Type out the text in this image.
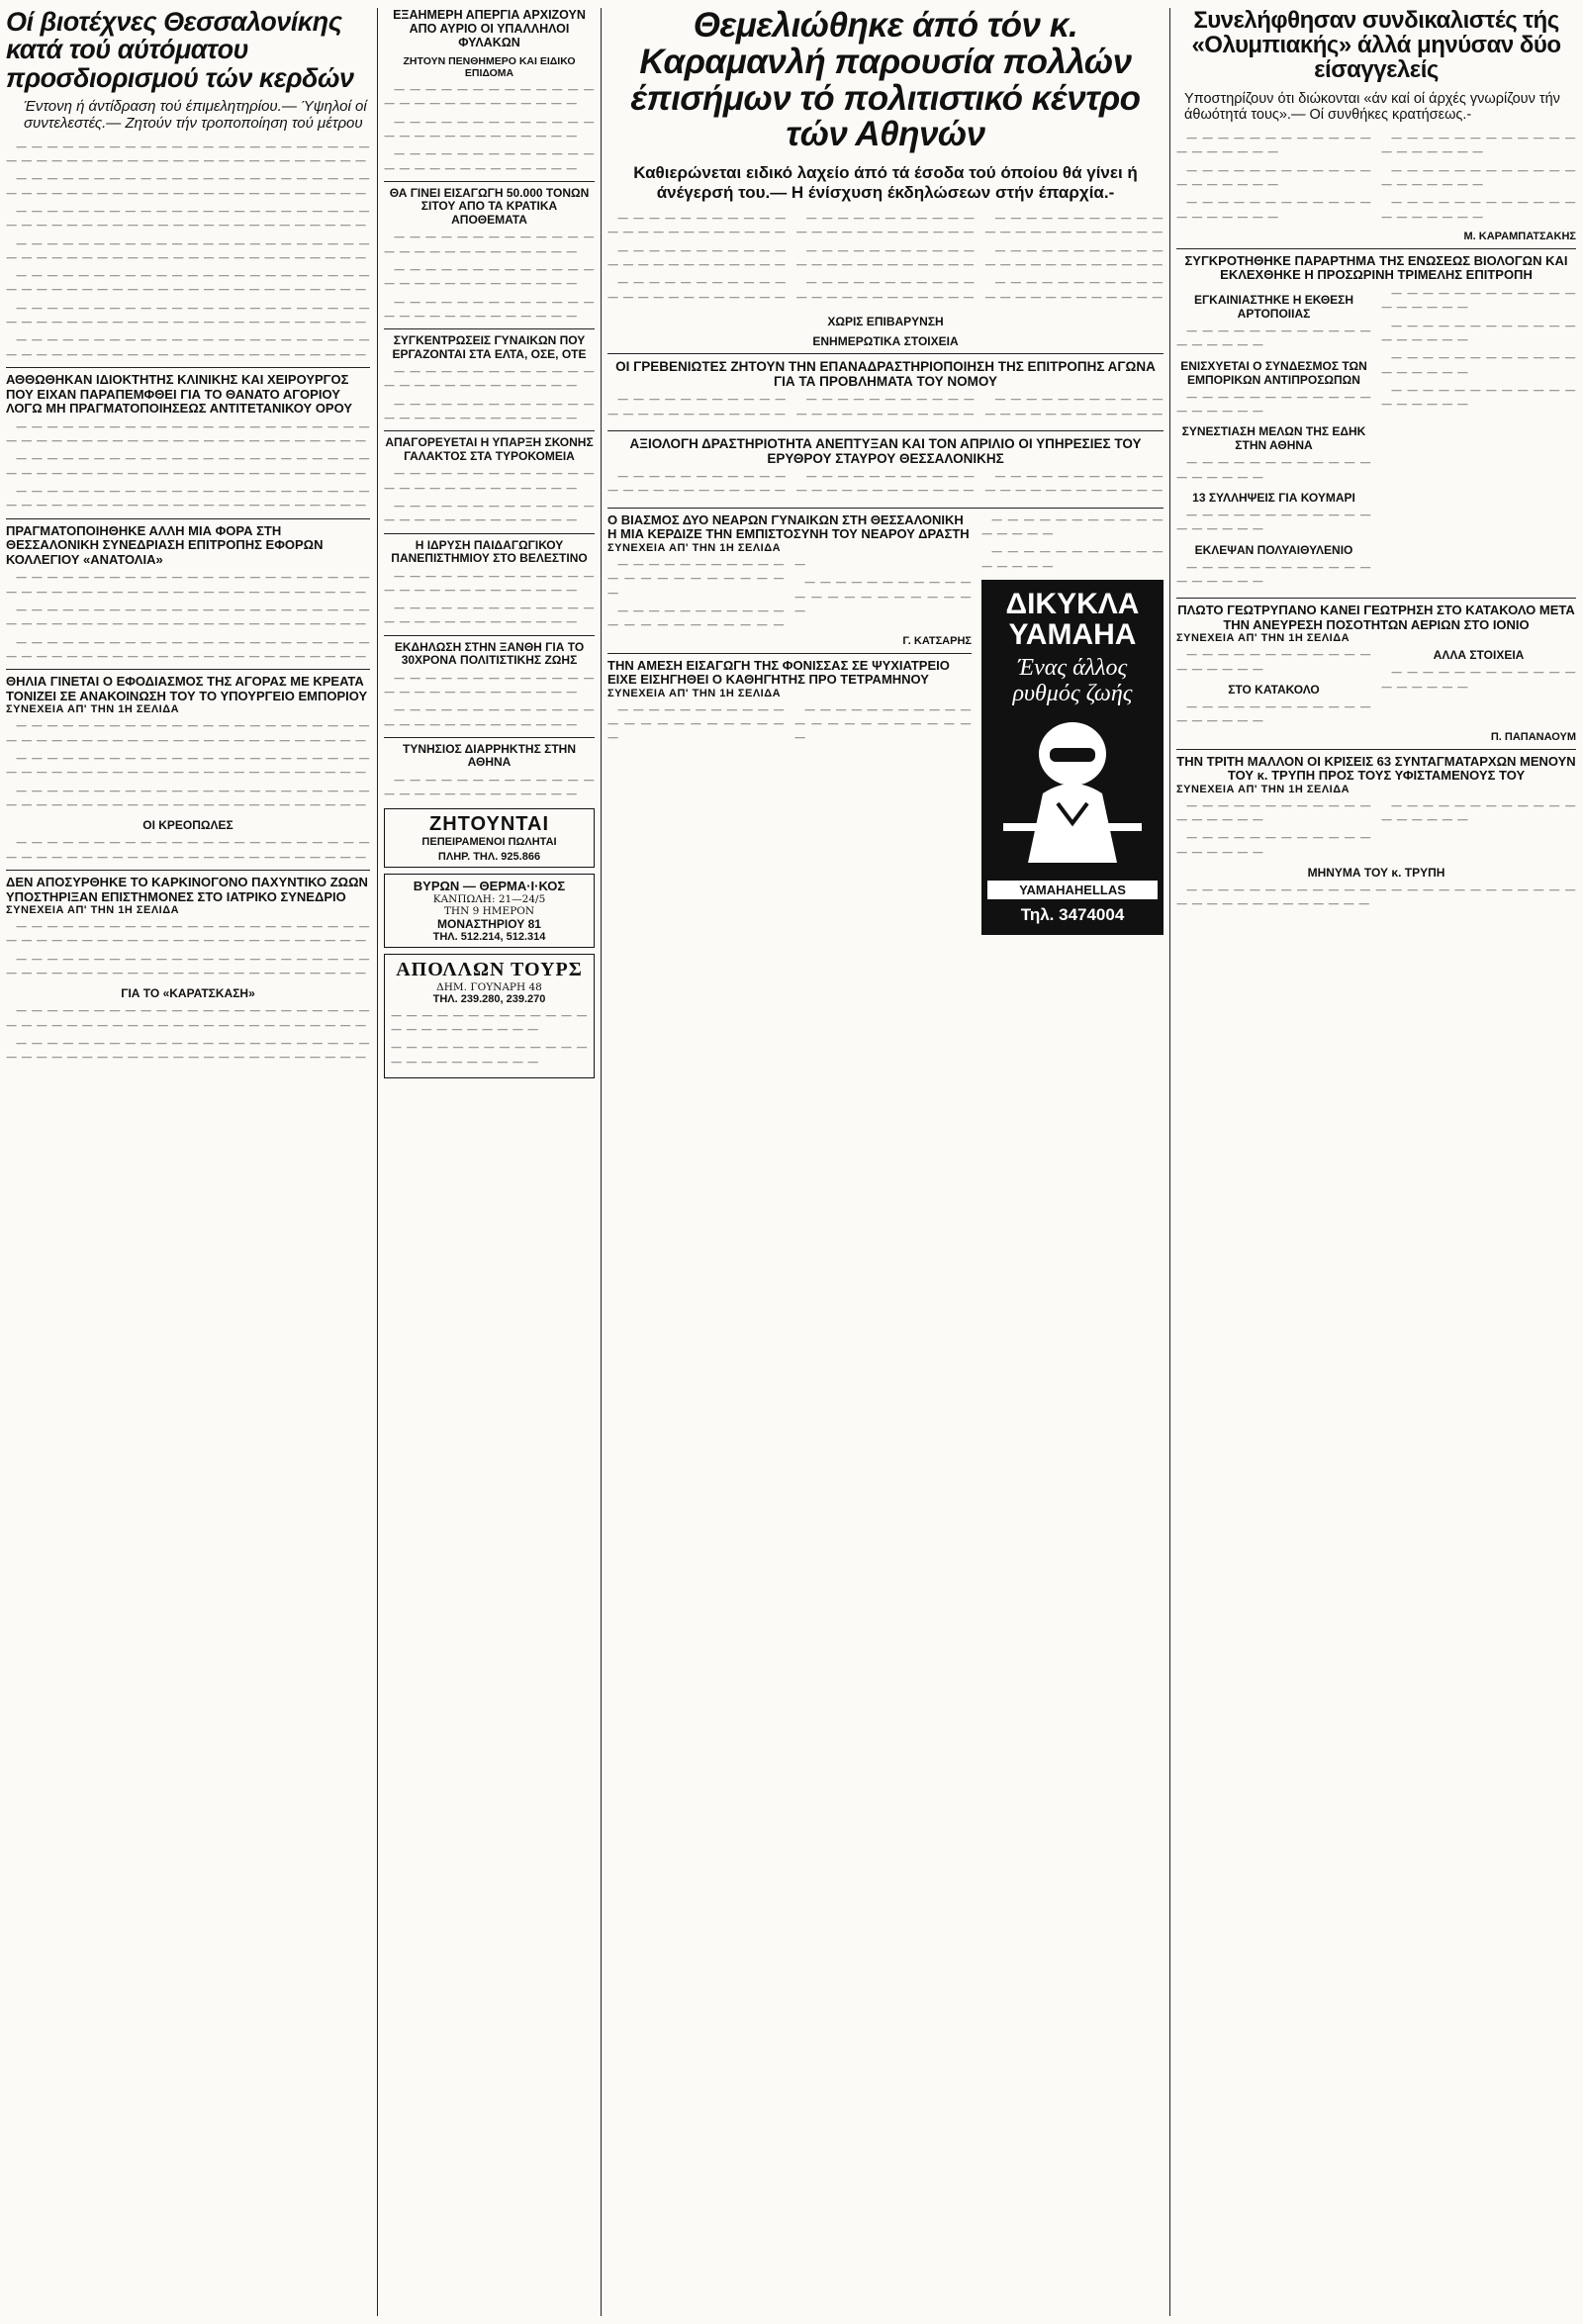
Οί βιοτέχνες Θεσσαλονίκης κατά τού αύτόματου προσδιορισμού τών κερδών
Έντονη ή άντίδραση τού έπιμελητηρίου.— Ύψηλοί οί συντελεστές.— Ζητούν τήν τροποποίηση τού μέτρου

— — — — — — — — — — — — — — — — — — — — — — — — — — — — — — — — — — — — — — — — — — — — — — —

— — — — — — — — — — — — — — — — — — — — — — — — — — — — — — — — — — — — — — — — — — — — — — —

— — — — — — — — — — — — — — — — — — — — — — — — — — — — — — — — — — — — — — — — — — — — — — —

— — — — — — — — — — — — — — — — — — — — — — — — — — — — — — — — — — — — — — — — — — — — — — —

— — — — — — — — — — — — — — — — — — — — — — — — — — — — — — — — — — — — — — — — — — — — — — —

— — — — — — — — — — — — — — — — — — — — — — — — — — — — — — — — — — — — — — — — — — — — — — —

— — — — — — — — — — — — — — — — — — — — — — — — — — — — — — — — — — — — — — — — — — — — — — —

ΑΘΘΩΘΗΚΑΝ ΙΔΙΟΚΤΗΤΗΣ ΚΛΙΝΙΚΗΣ ΚΑΙ ΧΕΙΡΟΥΡΓΟΣ ΠΟΥ ΕΙΧΑΝ ΠΑΡΑΠΕΜΦΘΕΙ ΓΙΑ ΤΟ ΘΑΝΑΤΟ ΑΓΟΡΙΟΥ ΛΟΓΩ ΜΗ ΠΡΑΓΜΑΤΟΠΟΙΗΣΕΩΣ ΑΝΤΙΤΕΤΑΝΙΚΟΥ ΟΡΟΥ

— — — — — — — — — — — — — — — — — — — — — — — — — — — — — — — — — — — — — — — — — — — — — — —

— — — — — — — — — — — — — — — — — — — — — — — — — — — — — — — — — — — — — — — — — — — — — — —

— — — — — — — — — — — — — — — — — — — — — — — — — — — — — — — — — — — — — — — — — — — — — — —

ΠΡΑΓΜΑΤΟΠΟΙΗΘΗΚΕ ΑΛΛΗ ΜΙΑ ΦΟΡΑ ΣΤΗ ΘΕΣΣΑΛΟΝΙΚΗ ΣΥΝΕΔΡΙΑΣΗ ΕΠΙΤΡΟΠΗΣ ΕΦΟΡΩΝ ΚΟΛΛΕΓΙΟΥ «ΑΝΑΤΟΛΙΑ»

— — — — — — — — — — — — — — — — — — — — — — — — — — — — — — — — — — — — — — — — — — — — — — —

— — — — — — — — — — — — — — — — — — — — — — — — — — — — — — — — — — — — — — — — — — — — — — —

— — — — — — — — — — — — — — — — — — — — — — — — — — — — — — — — — — — — — — — — — — — — — — —

ΘΗΛΙΑ ΓΙΝΕΤΑΙ Ο ΕΦΟΔΙΑΣΜΟΣ ΤΗΣ ΑΓΟΡΑΣ ΜΕ ΚΡΕΑΤΑ ΤΟΝΙΖΕΙ ΣΕ ΑΝΑΚΟΙΝΩΣΗ ΤΟΥ ΤΟ ΥΠΟΥΡΓΕΙΟ ΕΜΠΟΡΙΟΥ
ΣΥΝΕΧΕΙΑ ΑΠ' ΤΗΝ 1Η ΣΕΛΙΔΑ

— — — — — — — — — — — — — — — — — — — — — — — — — — — — — — — — — — — — — — — — — — — — — — —

— — — — — — — — — — — — — — — — — — — — — — — — — — — — — — — — — — — — — — — — — — — — — — —

— — — — — — — — — — — — — — — — — — — — — — — — — — — — — — — — — — — — — — — — — — — — — — —

ΟΙ ΚΡΕΟΠΩΛΕΣ

— — — — — — — — — — — — — — — — — — — — — — — — — — — — — — — — — — — — — — — — — — — — — — —

ΔΕΝ ΑΠΟΣΥΡΘΗΚΕ ΤΟ ΚΑΡΚΙΝΟΓΟΝΟ ΠΑΧΥΝΤΙΚΟ ΖΩΩΝ ΥΠΟΣΤΗΡΙΞΑΝ ΕΠΙΣΤΗΜΟΝΕΣ ΣΤΟ ΙΑΤΡΙΚΟ ΣΥΝΕΔΡΙΟ
ΣΥΝΕΧΕΙΑ ΑΠ' ΤΗΝ 1Η ΣΕΛΙΔΑ

— — — — — — — — — — — — — — — — — — — — — — — — — — — — — — — — — — — — — — — — — — — — — — —

— — — — — — — — — — — — — — — — — — — — — — — — — — — — — — — — — — — — — — — — — — — — — — —

ΓΙΑ ΤΟ «ΚΑΡΑΤΣΚΑΣΗ»

— — — — — — — — — — — — — — — — — — — — — — — — — — — — — — — — — — — — — — — — — — — — — — —

— — — — — — — — — — — — — — — — — — — — — — — — — — — — — — — — — — — — — — — — — — — — — — —

ΕΞΑΗΜΕΡΗ ΑΠΕΡΓΙΑ ΑΡΧΙΖΟΥΝ ΑΠΟ ΑΥΡΙΟ ΟΙ ΥΠΑΛΛΗΛΟΙ ΦΥΛΑΚΩΝ
ΖΗΤΟΥΝ ΠΕΝΘΗΜΕΡΟ ΚΑΙ ΕΙΔΙΚΟ ΕΠΙΔΟΜΑ

— — — — — — — — — — — — — — — — — — — — — — — — — —

— — — — — — — — — — — — — — — — — — — — — — — — — —

— — — — — — — — — — — — — — — — — — — — — — — — — —

ΘΑ ΓΙΝΕΙ ΕΙΣΑΓΩΓΗ 50.000 ΤΟΝΩΝ ΣΙΤΟΥ ΑΠΟ ΤΑ ΚΡΑΤΙΚΑ ΑΠΟΘΕΜΑΤΑ

— — — — — — — — — — — — — — — — — — — — — — — — — —

— — — — — — — — — — — — — — — — — — — — — — — — — —

— — — — — — — — — — — — — — — — — — — — — — — — — —

ΣΥΓΚΕΝΤΡΩΣΕΙΣ ΓΥΝΑΙΚΩΝ ΠΟΥ ΕΡΓΑΖΟΝΤΑΙ ΣΤΑ ΕΛΤΑ, ΟΣΕ, ΟΤΕ

— — — — — — — — — — — — — — — — — — — — — — — — — —

— — — — — — — — — — — — — — — — — — — — — — — — — —

ΑΠΑΓΟΡΕΥΕΤΑΙ Η ΥΠΑΡΞΗ ΣΚΟΝΗΣ ΓΑΛΑΚΤΟΣ ΣΤΑ ΤΥΡΟΚΟΜΕΙΑ

— — — — — — — — — — — — — — — — — — — — — — — — — —

— — — — — — — — — — — — — — — — — — — — — — — — — —

Η ΙΔΡΥΣΗ ΠΑΙΔΑΓΩΓΙΚΟΥ ΠΑΝΕΠΙΣΤΗΜΙΟΥ ΣΤΟ ΒΕΛΕΣΤΙΝΟ

— — — — — — — — — — — — — — — — — — — — — — — — — —

— — — — — — — — — — — — — — — — — — — — — — — — — —

ΕΚΔΗΛΩΣΗ ΣΤΗΝ ΞΑΝΘΗ ΓΙΑ ΤΟ 30ΧΡΟΝΑ ΠΟΛΙΤΙΣΤΙΚΗΣ ΖΩΗΣ

— — — — — — — — — — — — — — — — — — — — — — — — — —

— — — — — — — — — — — — — — — — — — — — — — — — — —

ΤΥΝΗΣΙΟΣ ΔΙΑΡΡΗΚΤΗΣ ΣΤΗΝ ΑΘΗΝΑ

— — — — — — — — — — — — — — — — — — — — — — — — — —

ΖΗΤΟΥΝΤΑΙ
ΠΕΠΕΙΡΑΜΕΝΟΙ ΠΩΛΗΤΑΙ
ΠΛΗΡ. ΤΗΛ. 925.866
ΒΥΡΩΝ — ΘΕΡΜΑ·Ι·ΚΟΣ
ΚΑΝΠΩΛΗ: 21—24/5
ΤΗΝ 9 ΗΜΕΡΟΝ
ΜΟΝΑΣΤΗΡΙΟΥ 81
ΤΗΛ. 512.214, 512.314
ΑΠΟΛΛΩΝ ΤΟΥΡΣ
ΔΗΜ. ΓΟΥΝΑΡΗ 48
ΤΗΛ. 239.280, 239.270

— — — — — — — — — — — — — — — — — — — — — — —

— — — — — — — — — — — — — — — — — — — — — — —

Θεμελιώθηκε άπό τόν κ. Καραμανλή παρουσία πολλών έπισήμων τό πολιτιστικό κέντρο τών Αθηνών
Καθιερώνεται ειδικό λαχείο άπό τά έσοδα τού όποίου θά γίνει ή άνέγερσή του.— Η ένίσχυση έκδηλώσεων στήν έπαρχία.-

— — — — — — — — — — — — — — — — — — — — — — —

— — — — — — — — — — — — — — — — — — — — — — —

— — — — — — — — — — — — — — — — — — — — — — —

— — — — — — — — — — — — — — — — — — — — — — —

— — — — — — — — — — — — — — — — — — — — — — —

— — — — — — — — — — — — — — — — — — — — — — —

— — — — — — — — — — — — — — — — — — — — — — —

— — — — — — — — — — — — — — — — — — — — — — —

— — — — — — — — — — — — — — — — — — — — — — —

ΧΩΡΙΣ ΕΠΙΒΑΡΥΝΣΗ
ΕΝΗΜΕΡΩΤΙΚΑ ΣΤΟΙΧΕΙΑ
ΟΙ ΓΡΕΒΕΝΙΩΤΕΣ ΖΗΤΟΥΝ ΤΗΝ ΕΠΑΝΑΔΡΑΣΤΗΡΙΟΠΟΙΗΣΗ ΤΗΣ ΕΠΙΤΡΟΠΗΣ ΑΓΩΝΑ ΓΙΑ ΤΑ ΠΡΟΒΛΗΜΑΤΑ ΤΟΥ ΝΟΜΟΥ

— — — — — — — — — — — — — — — — — — — — — — —

— — — — — — — — — — — — — — — — — — — — — — —

— — — — — — — — — — — — — — — — — — — — — — —

ΑΞΙΟΛΟΓΗ ΔΡΑΣΤΗΡΙΟΤΗΤΑ ΑΝΕΠΤΥΞΑΝ ΚΑΙ ΤΟΝ ΑΠΡΙΛΙΟ ΟΙ ΥΠΗΡΕΣΙΕΣ ΤΟΥ ΕΡΥΘΡΟΥ ΣΤΑΥΡΟΥ ΘΕΣΣΑΛΟΝΙΚΗΣ

— — — — — — — — — — — — — — — — — — — — — — —

— — — — — — — — — — — — — — — — — — — — — — —

— — — — — — — — — — — — — — — — — — — — — — —

Ο ΒΙΑΣΜΟΣ ΔΥΟ ΝΕΑΡΩΝ ΓΥΝΑΙΚΩΝ ΣΤΗ ΘΕΣΣΑΛΟΝΙΚΗ Η ΜΙΑ ΚΕΡΔΙΖΕ ΤΗΝ ΕΜΠΙΣΤΟΣΥΝΗ ΤΟΥ ΝΕΑΡΟΥ ΔΡΑΣΤΗ
ΣΥΝΕΧΕΙΑ ΑΠ' ΤΗΝ 1Η ΣΕΛΙΔΑ

— — — — — — — — — — — — — — — — — — — — — — —

— — — — — — — — — — — — — — — — — — — — — — —

— — — — — — — — — — — — — — — — — — — — — — —

Γ. ΚΑΤΣΑΡΗΣ
ΤΗΝ ΑΜΕΣΗ ΕΙΣΑΓΩΓΗ ΤΗΣ ΦΟΝΙΣΣΑΣ ΣΕ ΨΥΧΙΑΤΡΕΙΟ ΕΙΧΕ ΕΙΣΗΓΗΘΕΙ Ο ΚΑΘΗΓΗΤΗΣ ΠΡΟ ΤΕΤΡΑΜΗΝΟΥ
ΣΥΝΕΧΕΙΑ ΑΠ' ΤΗΝ 1Η ΣΕΛΙΔΑ

— — — — — — — — — — — — — — — — — — — — — — —

— — — — — — — — — — — — — — — — — — — — — — —

— — — — — — — — — — — — — — — —

— — — — — — — — — — — — — — — —

ΔΙΚΥΚΛΑ
YAMAHA
Ένας άλλος
ρυθμός ζωής
YAMAHAHELLAS
Τηλ. 3474004
Συνελήφθησαν συνδικαλιστές τής «Ολυμπιακής» άλλά μηνύσαν δύο είσαγγελείς
Υποστηρίζουν ότι διώκονται «άν καί οί άρχές γνωρίζουν τήν άθωότητά τους».— Οί συνθήκες κρατήσεως.-

— — — — — — — — — — — — — — — — — — —

— — — — — — — — — — — — — — — — — — —

— — — — — — — — — — — — — — — — — — —

— — — — — — — — — — — — — — — — — — —

— — — — — — — — — — — — — — — — — — —

— — — — — — — — — — — — — — — — — — —

Μ. ΚΑΡΑΜΠΑΤΣΑΚΗΣ
ΣΥΓΚΡΟΤΗΘΗΚΕ ΠΑΡΑΡΤΗΜΑ ΤΗΣ ΕΝΩΣΕΩΣ ΒΙΟΛΟΓΩΝ ΚΑΙ ΕΚΛΕΧΘΗΚΕ Η ΠΡΟΣΩΡΙΝΗ ΤΡΙΜΕΛΗΣ ΕΠΙΤΡΟΠΗ
ΕΓΚΑΙΝΙΑΣΤΗΚΕ Η ΕΚΘΕΣΗ ΑΡΤΟΠΟΙΙΑΣ

— — — — — — — — — — — — — — — — — —

ΕΝΙΣΧΥΕΤΑΙ Ο ΣΥΝΔΕΣΜΟΣ ΤΩΝ ΕΜΠΟΡΙΚΩΝ ΑΝΤΙΠΡΟΣΩΠΩΝ

— — — — — — — — — — — — — — — — — —

ΣΥΝΕΣΤΙΑΣΗ ΜΕΛΩΝ ΤΗΣ ΕΔΗΚ ΣΤΗΝ ΑΘΗΝΑ

— — — — — — — — — — — — — — — — — —

13 ΣΥΛΛΗΨΕΙΣ ΓΙΑ ΚΟΥΜΑΡΙ

— — — — — — — — — — — — — — — — — —

ΕΚΛΕΨΑΝ ΠΟΛΥΑΙΘΥΛΕΝΙΟ

— — — — — — — — — — — — — — — — — —

— — — — — — — — — — — — — — — — — —

— — — — — — — — — — — — — — — — — —

— — — — — — — — — — — — — — — — — —

— — — — — — — — — — — — — — — — — —

ΠΛΩΤΟ ΓΕΩΤΡΥΠΑΝΟ ΚΑΝΕΙ ΓΕΩΤΡΗΣΗ ΣΤΟ ΚΑΤΑΚΟΛΟ ΜΕΤΑ ΤΗΝ ΑΝΕΥΡΕΣΗ ΠΟΣΟΤΗΤΩΝ ΑΕΡΙΩΝ ΣΤΟ ΙΟΝΙΟ
ΣΥΝΕΧΕΙΑ ΑΠ' ΤΗΝ 1Η ΣΕΛΙΔΑ

— — — — — — — — — — — — — — — — — —

ΣΤΟ ΚΑΤΑΚΟΛΟ

— — — — — — — — — — — — — — — — — —

ΑΛΛΑ ΣΤΟΙΧΕΙΑ

— — — — — — — — — — — — — — — — — —

Π. ΠΑΠΑΝΑΟΥΜ
ΤΗΝ ΤΡΙΤΗ ΜΑΛΛΟΝ ΟΙ ΚΡΙΣΕΙΣ 63 ΣΥΝΤΑΓΜΑΤΑΡΧΩΝ ΜΕΝΟΥΝ ΤΟΥ κ. ΤΡΥΠΗ ΠΡΟΣ ΤΟΥΣ ΥΦΙΣΤΑΜΕΝΟΥΣ ΤΟΥ
ΣΥΝΕΧΕΙΑ ΑΠ' ΤΗΝ 1Η ΣΕΛΙΔΑ

— — — — — — — — — — — — — — — — — —

— — — — — — — — — — — — — — — — — —

— — — — — — — — — — — — — — — — — —

ΜΗΝΥΜΑ ΤΟΥ κ. ΤΡΥΠΗ

— — — — — — — — — — — — — — — — — — — — — — — — — — — — — — — — — — — — — —
